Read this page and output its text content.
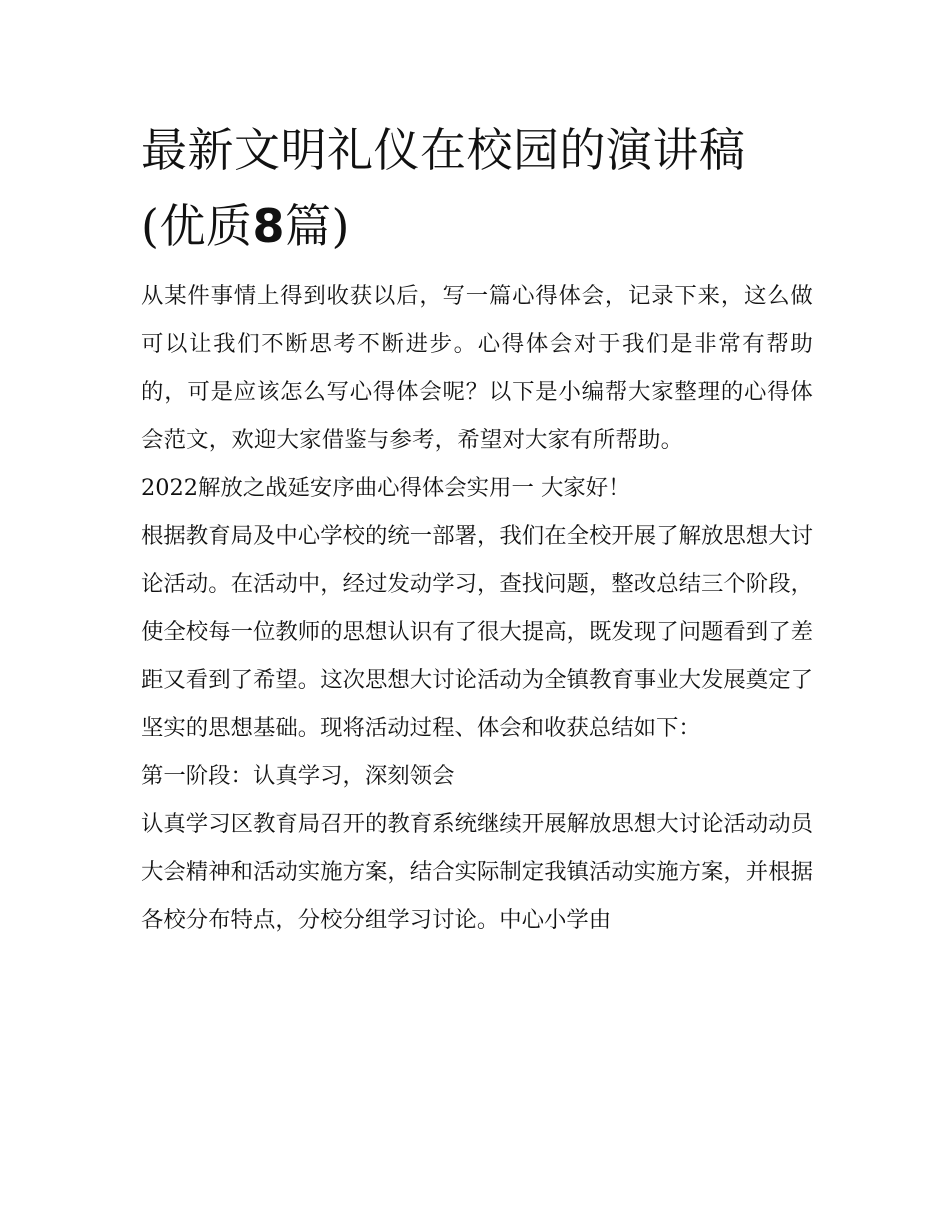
最新文明礼仪在校园的演讲稿
(优质8篇)

从某件事情上得到收获以后，写一篇心得体会，记录下来，这么做可以让我们不断思考不断进步。心得体会对于我们是非常有帮助的，可是应该怎么写心得体会呢？以下是小编帮大家整理的心得体会范文，欢迎大家借鉴与参考，希望对大家有所帮助。

2022解放之战延安序曲心得体会实用一 大家好！

根据教育局及中心学校的统一部署，我们在全校开展了解放思想大讨论活动。在活动中，经过发动学习，查找问题，整改总结三个阶段，使全校每一位教师的思想认识有了很大提高，既发现了问题看到了差距又看到了希望。这次思想大讨论活动为全镇教育事业大发展奠定了坚实的思想基础。现将活动过程、体会和收获总结如下：

第一阶段：认真学习，深刻领会

认真学习区教育局召开的教育系统继续开展解放思想大讨论活动动员大会精神和活动实施方案，结合实际制定我镇活动实施方案，并根据各校分布特点，分校分组学习讨论。中心小学由
